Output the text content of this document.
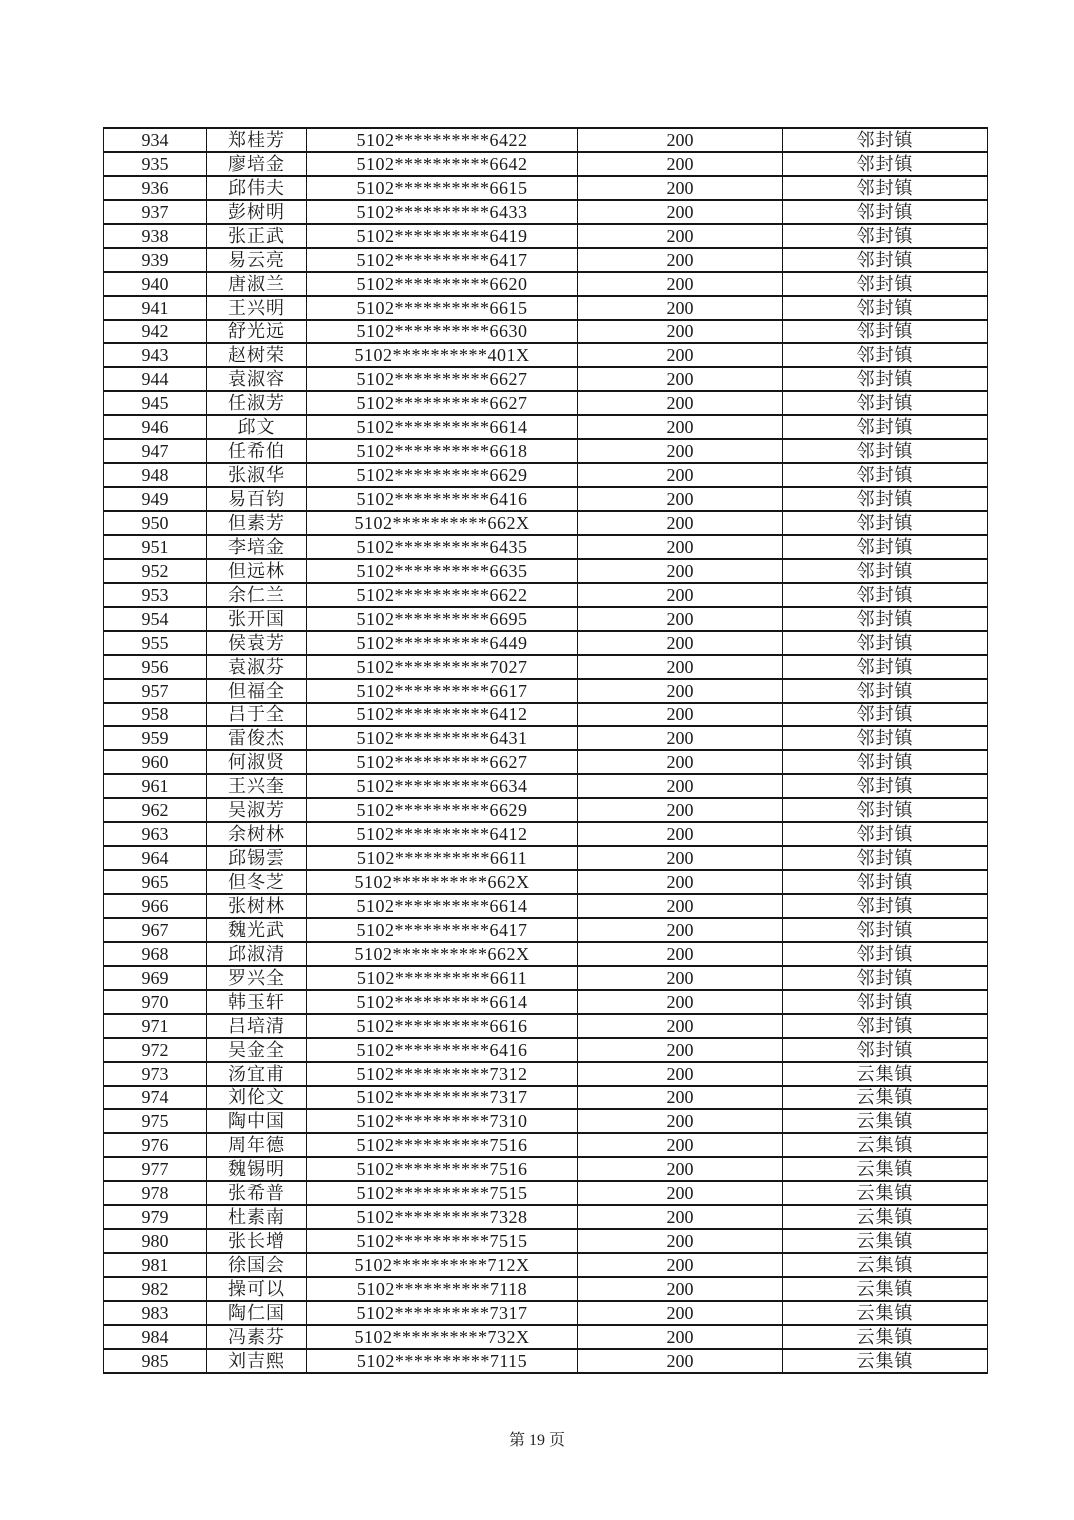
934	郑桂芳	5102**********6422	200	邻封镇
935	廖培金	5102**********6642	200	邻封镇
936	邱伟夫	5102**********6615	200	邻封镇
937	彭树明	5102**********6433	200	邻封镇
938	张正武	5102**********6419	200	邻封镇
939	易云亮	5102**********6417	200	邻封镇
940	唐淑兰	5102**********6620	200	邻封镇
941	王兴明	5102**********6615	200	邻封镇
942	舒光远	5102**********6630	200	邻封镇
943	赵树荣	5102**********401X	200	邻封镇
944	袁淑容	5102**********6627	200	邻封镇
945	任淑芳	5102**********6627	200	邻封镇
946	邱文	5102**********6614	200	邻封镇
947	任希伯	5102**********6618	200	邻封镇
948	张淑华	5102**********6629	200	邻封镇
949	易百钧	5102**********6416	200	邻封镇
950	但素芳	5102**********662X	200	邻封镇
951	李培金	5102**********6435	200	邻封镇
952	但远林	5102**********6635	200	邻封镇
953	余仁兰	5102**********6622	200	邻封镇
954	张开国	5102**********6695	200	邻封镇
955	侯袁芳	5102**********6449	200	邻封镇
956	袁淑芬	5102**********7027	200	邻封镇
957	但福全	5102**********6617	200	邻封镇
958	吕于全	5102**********6412	200	邻封镇
959	雷俊杰	5102**********6431	200	邻封镇
960	何淑贤	5102**********6627	200	邻封镇
961	王兴奎	5102**********6634	200	邻封镇
962	吴淑芳	5102**********6629	200	邻封镇
963	余树林	5102**********6412	200	邻封镇
964	邱锡雲	5102**********6611	200	邻封镇
965	但冬芝	5102**********662X	200	邻封镇
966	张树林	5102**********6614	200	邻封镇
967	魏光武	5102**********6417	200	邻封镇
968	邱淑清	5102**********662X	200	邻封镇
969	罗兴全	5102**********6611	200	邻封镇
970	韩玉轩	5102**********6614	200	邻封镇
971	吕培清	5102**********6616	200	邻封镇
972	吴金全	5102**********6416	200	邻封镇
973	汤宜甫	5102**********7312	200	云集镇
974	刘伦文	5102**********7317	200	云集镇
975	陶中国	5102**********7310	200	云集镇
976	周年德	5102**********7516	200	云集镇
977	魏锡明	5102**********7516	200	云集镇
978	张希普	5102**********7515	200	云集镇
979	杜素南	5102**********7328	200	云集镇
980	张长增	5102**********7515	200	云集镇
981	徐国会	5102**********712X	200	云集镇
982	操可以	5102**********7118	200	云集镇
983	陶仁国	5102**********7317	200	云集镇
984	冯素芬	5102**********732X	200	云集镇
985	刘吉熙	5102**********7115	200	云集镇
第 19 页
